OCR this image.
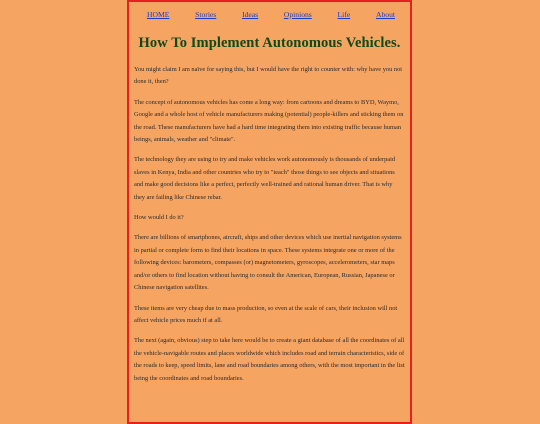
HOME	Stories	Ideas	Opinions	Life	About
How To Implement Autonomous Vehicles.

You might claim I am naïve for saying this, but I would have the right to counter with: why have you not done it, then?

The concept of autonomous vehicles has come a long way: from cartoons and dreams to BYD, Waymo, Google and a whole host of vehicle manufacturers making (potential) people-killers and sticking them on the road. These manufacturers have had a hard time integrating them into existing traffic because human beings, animals, weather and "climate".

The technology they are using to try and make vehicles work autonomously is thousands of underpaid slaves in Kenya, India and other countries who try to "teach" those things to see objects and situations and make good decisions like a perfect, perfectly well-trained and rational human driver. That is why they are failing like Chinese rebar.

How would I do it?

There are billions of smartphones, aircraft, ships and other devices which use inertial navigation systems in partial or complete form to find their locations in space. These systems integrate one or more of the following devices: barometers, compasses (or) magnetometers, gyroscopes, accelerometers, star maps and/or others to find location without having to consult the American, European, Russian, Japanese or Chinese navigation satellites.

These items are very cheap due to mass production, so even at the scale of cars, their inclusion will not affect vehicle prices much if at all.

The next (again, obvious) step to take here would be to create a giant database of all the coordinates of all the vehicle-navigable routes and places worldwide which includes road and terrain characteristics, side of the roads to keep, speed limits, lane and road boundaries among others, with the most important in the list being the coordinates and road boundaries.
